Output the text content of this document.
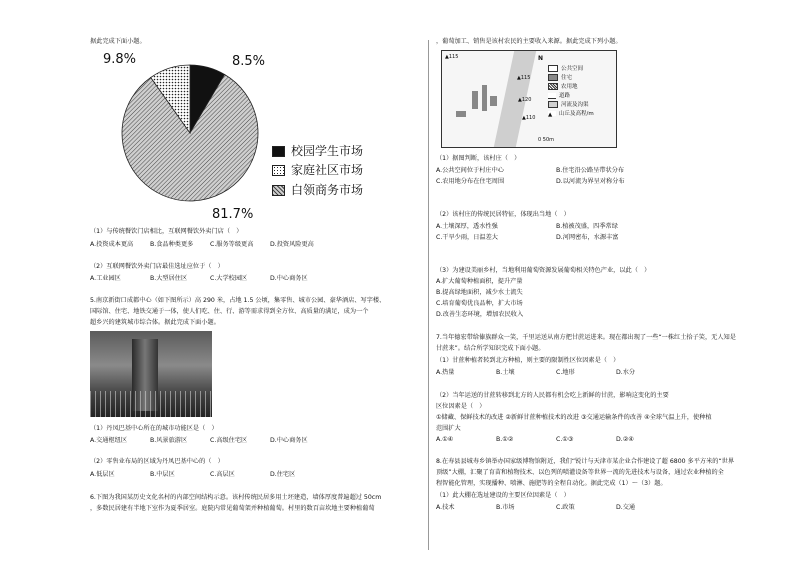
据此完成下面小题。
9.8%	8.5%
81.7%
校园学生市场
家庭社区市场
白领商务市场
（1）与传统餐饮门店相比，互联网餐饮外卖门店（　）
A.投资成本更高	B.食品种类更多	C.服务等级更高	D.投资风险更高
（2）互联网餐饮外卖门店最佳选址应位于（　）
A.工业园区	B.大型居住区	C.大学校园区	D.中心商务区
5.南京新街口成都中心（如下图所示）高 290 米，占地 1.5 公顷，集零售、城市公园、豪华酒店、写字楼、
国际馆、住宅、地铁交通于一体，使人们吃、住、行、游等需求得到全方位、高质量的满足，成为一个
超乡兴的建筑城市综合体。据此完成下面小题。
（1）丹凤巴基中心所在的城市功能区是（　）
A.交通枢纽区	B.风景旅游区	C.高级住宅区	D.中心商务区
（2）零售业布局的区域为丹凤巴基中心的（　）
A.低层区	B.中层区	C.高层区	D.住宅区
6.下图为我国某历史文化名村的内部空间结构示意。该村传统民居多用土坯建造，墙体厚度普遍超过 50cm
，多数民居建有半地下室作为夏季居室。庭院内常见葡萄架并种植葡萄。村里的数百亩坎地主要种植葡萄
，葡萄加工、销售是该村农民的主要收入来源。据此完成下列小题。
▲115
▲115
▲120
▲110
N
0 50m
公共空间
住宅
农用地
道路
河流及沟渠
▲ 山丘及高程/m
（1）据图判断，该村庄（　）
A.公共空间位于村庄中心	B.住宅沿公路呈带状分布
C.农用地分布在住宅周围	D.以河流为界呈对称分布
（2）该村庄的传统民居特征，体现出当地（　）
A.土壤深厚，透水性强	B.植被茂盛，四季常绿
C.干旱少雨，日温差大	D.河网密布，水源丰富
（3）为建设美丽乡村，当地利用葡萄资源发展葡萄相关特色产业，以此（　）
A.扩大葡萄种植面积，提升产量
B.提高绿地面积，减少水土流失
C.培育葡萄优良品种，扩大市场
D.改善生态环境，增加农民收入
7.当年德宏带给傣族群众一笑，千里运送从南方把甘蔗运进来。现在都出现了一些“一株红土拾子笑，无人知是
甘蔗来”。结合所学知识完成下面小题。
（1）甘蔗种植者转到北方种植，则主要的限制性区位因素是（　）
A.热量	B.土壤	C.地形	D.水分
（2）当年运送的甘蔗转移到北方的人民都有机会吃上新鲜的甘蔗，影响这变化的主要
区位因素是（　）
①储藏、保鲜技术的改进 ②新鲜甘蔗种植技术的改进 ③交通运输条件的改善 ④全球气温上升，使种植
范围扩大
A.①④	B.①②	C.①③	D.②④
8.在寿县县城寿乡镇举办国家级博物馆附近，我们“锐计与天津市某企业合作建设了超 6800 多平方米的“世界
顶级”大棚，汇聚了育苗和植物技术、以色列的喷灌设备等世界一流的先进技术与设备，通过农业种植的全
程智能化管理，实现播种、喷淋、施肥等的全程自动化。据此完成（1）～（3）题。
（1）此大棚在选址建设的主要区位因素是（　）
A.技术	B.市场	C.政策	D.交通
